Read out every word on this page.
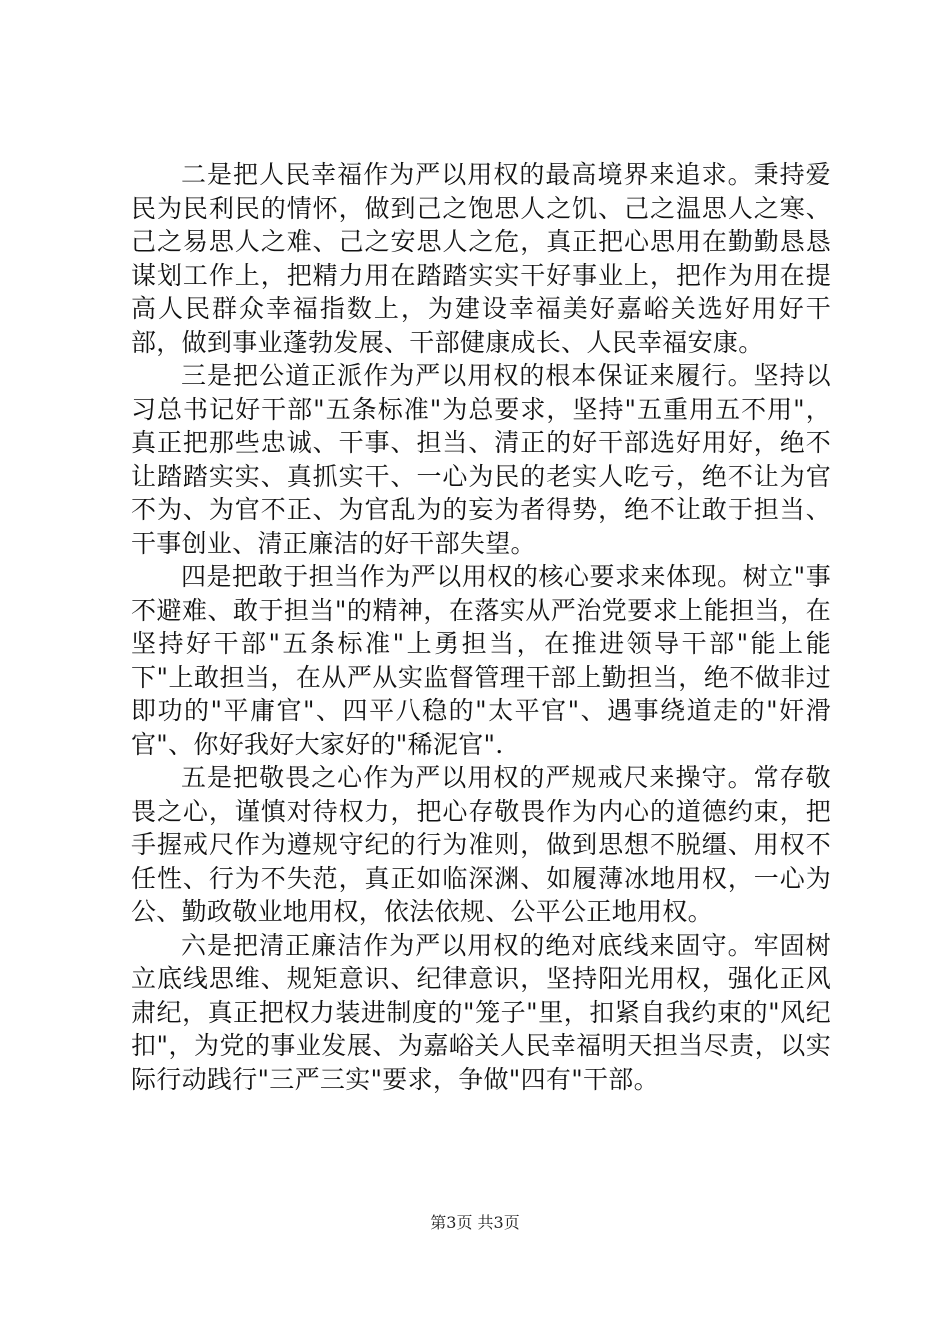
二是把人民幸福作为严以用权的最高境界来追求。秉持爱民为民利民的情怀，做到己之饱思人之饥、己之温思人之寒、己之易思人之难、己之安思人之危，真正把心思用在勤勤恳恳谋划工作上，把精力用在踏踏实实干好事业上，把作为用在提高人民群众幸福指数上，为建设幸福美好嘉峪关选好用好干部，做到事业蓬勃发展、干部健康成长、人民幸福安康。

三是把公道正派作为严以用权的根本保证来履行。坚持以习总书记好干部"五条标准"为总要求，坚持"五重用五不用"，真正把那些忠诚、干事、担当、清正的好干部选好用好，绝不让踏踏实实、真抓实干、一心为民的老实人吃亏，绝不让为官不为、为官不正、为官乱为的妄为者得势，绝不让敢于担当、干事创业、清正廉洁的好干部失望。

四是把敢于担当作为严以用权的核心要求来体现。树立"事不避难、敢于担当"的精神，在落实从严治党要求上能担当，在坚持好干部"五条标准"上勇担当，在推进领导干部"能上能下"上敢担当，在从严从实监督管理干部上勤担当，绝不做非过即功的"平庸官"、四平八稳的"太平官"、遇事绕道走的"奸滑官"、你好我好大家好的"稀泥官".

五是把敬畏之心作为严以用权的严规戒尺来操守。常存敬畏之心，谨慎对待权力，把心存敬畏作为内心的道德约束，把手握戒尺作为遵规守纪的行为准则，做到思想不脱缰、用权不任性、行为不失范，真正如临深渊、如履薄冰地用权，一心为公、勤政敬业地用权，依法依规、公平公正地用权。

六是把清正廉洁作为严以用权的绝对底线来固守。牢固树立底线思维、规矩意识、纪律意识，坚持阳光用权，强化正风肃纪，真正把权力装进制度的"笼子"里，扣紧自我约束的"风纪扣"，为党的事业发展、为嘉峪关人民幸福明天担当尽责，以实际行动践行"三严三实"要求，争做"四有"干部。

第3页 共3页
